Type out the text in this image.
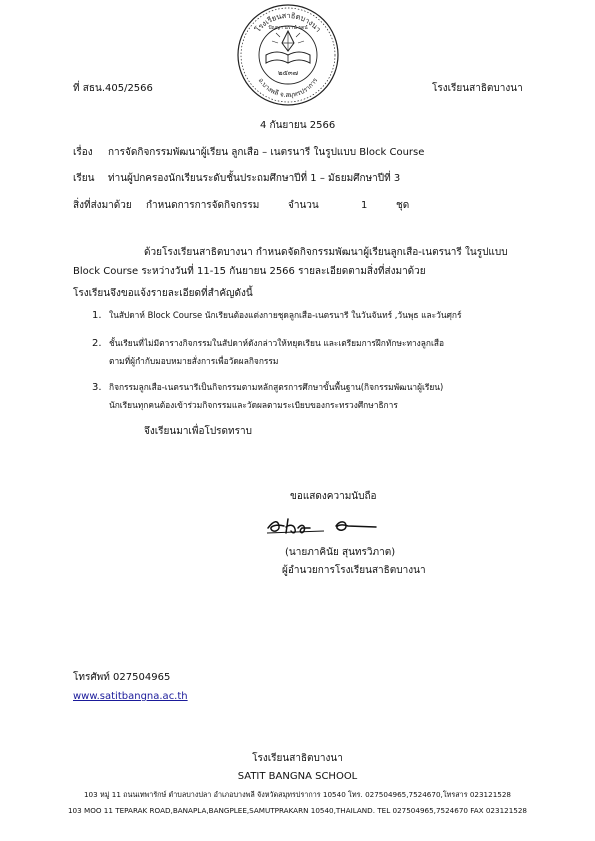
โรงเรียนสาธิตบางนา
อ.บางพลี จ.สมุทรปราการ
ปัญญา นรานํ รตนํ
๒๕๓๗
ที่ สธน.405/2566	โรงเรียนสาธิตบางนา
4 กันยายน 2566
เรื่อง การจัดกิจกรรมพัฒนาผู้เรียน ลูกเสือ – เนตรนารี ในรูปแบบ Block Course
เรียน ท่านผู้ปกครองนักเรียนระดับชั้นประถมศึกษาปีที่ 1 – มัธยมศึกษาปีที่ 3
สิ่งที่ส่งมาด้วย กำหนดการการจัดกิจกรรม	จำนวน	1	ชุด
ด้วยโรงเรียนสาธิตบางนา กำหนดจัดกิจกรรมพัฒนาผู้เรียนลูกเสือ-เนตรนารี ในรูปแบบ
Block Course ระหว่างวันที่ 11-15 กันยายน 2566 รายละเอียดตามสิ่งที่ส่งมาด้วย
โรงเรียนจึงขอแจ้งรายละเอียดที่สำคัญดังนี้
1. ในสัปดาห์ Block Course นักเรียนต้องแต่งกายชุดลูกเสือ-เนตรนารี ในวันจันทร์ ,วันพุธ และวันศุกร์
2. ชั้นเรียนที่ไม่มีตารางกิจกรรมในสัปดาห์ดังกล่าวให้หยุดเรียน และเตรียมการฝึกทักษะทางลูกเสือ
ตามที่ผู้กำกับมอบหมายสั่งการเพื่อวัดผลกิจกรรม
3. กิจกรรมลูกเสือ-เนตรนารีเป็นกิจกรรมตามหลักสูตรการศึกษาขั้นพื้นฐาน(กิจกรรมพัฒนาผู้เรียน)
นักเรียนทุกคนต้องเข้าร่วมกิจกรรมและวัดผลตามระเบียบของกระทรวงศึกษาธิการ
จึงเรียนมาเพื่อโปรดทราบ
ขอแสดงความนับถือ
(นายภาคินัย สุนทรวิภาต)
ผู้อำนวยการโรงเรียนสาธิตบางนา
โทรศัพท์ 027504965
www.satitbangna.ac.th
โรงเรียนสาธิตบางนา
SATIT BANGNA SCHOOL
103 หมู่ 11 ถนนเทพารักษ์ ตำบลบางปลา อำเภอบางพลี จังหวัดสมุทรปราการ 10540 โทร. 027504965,7524670,โทรสาร 023121528
103 MOO 11 TEPARAK ROAD,BANAPLA,BANGPLEE,SAMUTPRAKARN 10540,THAILAND. TEL 027504965,7524670 FAX 023121528
